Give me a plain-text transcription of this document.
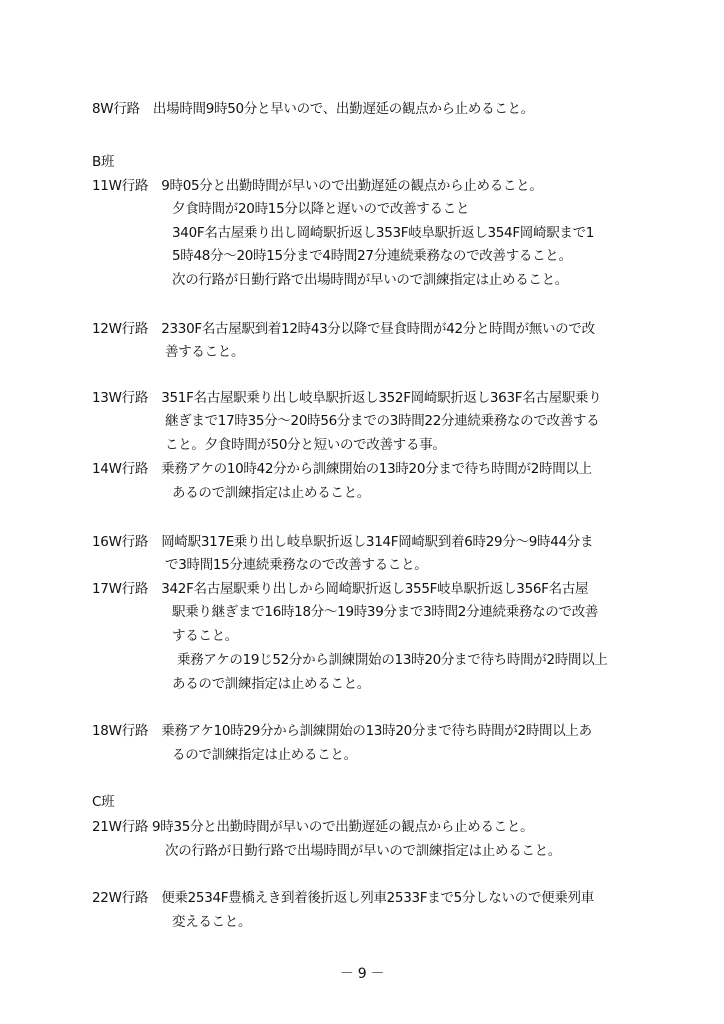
8W行路　出場時間9時50分と早いので、出勤遅延の観点から止めること。
B班
11W行路　9時05分と出勤時間が早いので出勤遅延の観点から止めること。
夕食時間が20時15分以降と遅いので改善すること
340F名古屋乗り出し岡崎駅折返し353F岐阜駅折返し354F岡崎駅まで1
5時48分～20時15分まで4時間27分連続乗務なので改善すること。
次の行路が日勤行路で出場時間が早いので訓練指定は止めること。
12W行路　2330F名古屋駅到着12時43分以降で昼食時間が42分と時間が無いので改
善すること。
13W行路　351F名古屋駅乗り出し岐阜駅折返し352F岡崎駅折返し363F名古屋駅乗り
継ぎまで17時35分～20時56分までの3時間22分連続乗務なので改善する
こと。夕食時間が50分と短いので改善する事。
14W行路　乗務アケの10時42分から訓練開始の13時20分まで待ち時間が2時間以上
あるので訓練指定は止めること。
16W行路　岡崎駅317E乗り出し岐阜駅折返し314F岡崎駅到着6時29分～9時44分ま
で3時間15分連続乗務なので改善すること。
17W行路　342F名古屋駅乗り出しから岡崎駅折返し355F岐阜駅折返し356F名古屋
駅乗り継ぎまで16時18分～19時39分まで3時間2分連続乗務なので改善
すること。
乗務アケの19じ52分から訓練開始の13時20分まで待ち時間が2時間以上
あるので訓練指定は止めること。
18W行路　乗務アケ10時29分から訓練開始の13時20分まで待ち時間が2時間以上あ
るので訓練指定は止めること。
C班
21W行路 9時35分と出勤時間が早いので出勤遅延の観点から止めること。
次の行路が日勤行路で出場時間が早いので訓練指定は止めること。
22W行路　便乗2534F豊橋えき到着後折返し列車2533Fまで5分しないので便乗列車
変えること。
－ 9 －
